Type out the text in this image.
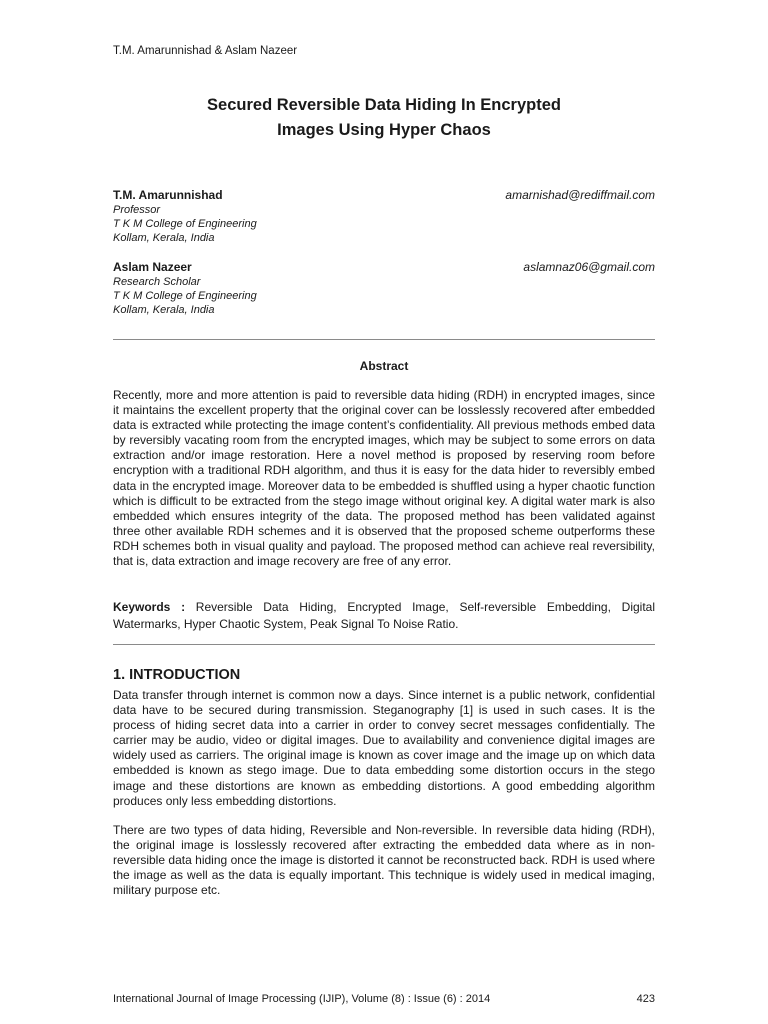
T.M. Amarunnishad & Aslam Nazeer
Secured Reversible Data Hiding In Encrypted
Images Using Hyper Chaos
T.M. Amarunnishad	amarnishad@rediffmail.com
Professor
T K M College of Engineering
Kollam, Kerala, India
Aslam Nazeer	aslamnaz06@gmail.com
Research Scholar
T K M College of Engineering
Kollam, Kerala, India
Abstract

Recently, more and more attention is paid to reversible data hiding (RDH) in encrypted images, since it maintains the excellent property that the original cover can be losslessly recovered after embedded data is extracted while protecting the image content’s confidentiality. All previous methods embed data by reversibly vacating room from the encrypted images, which may be subject to some errors on data extraction and/or image restoration. Here a novel method is proposed by reserving room before encryption with a traditional RDH algorithm, and thus it is easy for the data hider to reversibly embed data in the encrypted image. Moreover data to be embedded is shuffled using a hyper chaotic function which is difficult to be extracted from the stego image without original key. A digital water mark is also embedded which ensures integrity of the data. The proposed method has been validated against three other available RDH schemes and it is observed that the proposed scheme outperforms these RDH schemes both in visual quality and payload. The proposed method can achieve real reversibility, that is, data extraction and image recovery are free of any error.

Keywords : Reversible Data Hiding, Encrypted Image, Self-reversible Embedding, Digital Watermarks, Hyper Chaotic System, Peak Signal To Noise Ratio.
1. INTRODUCTION

Data transfer through internet is common now a days. Since internet is a public network, confidential data have to be secured during transmission. Steganography [1] is used in such cases. It is the process of hiding secret data into a carrier in order to convey secret messages confidentially. The carrier may be audio, video or digital images. Due to availability and convenience digital images are widely used as carriers. The original image is known as cover image and the image up on which data embedded is known as stego image. Due to data embedding some distortion occurs in the stego image and these distortions are known as embedding distortions. A good embedding algorithm produces only less embedding distortions.

There are two types of data hiding, Reversible and Non-reversible. In reversible data hiding (RDH), the original image is losslessly recovered after extracting the embedded data where as in non-reversible data hiding once the image is distorted it cannot be reconstructed back. RDH is used where the image as well as the data is equally important. This technique is widely used in medical imaging, military purpose etc.

International Journal of Image Processing (IJIP), Volume (8) : Issue (6) : 2014	423
